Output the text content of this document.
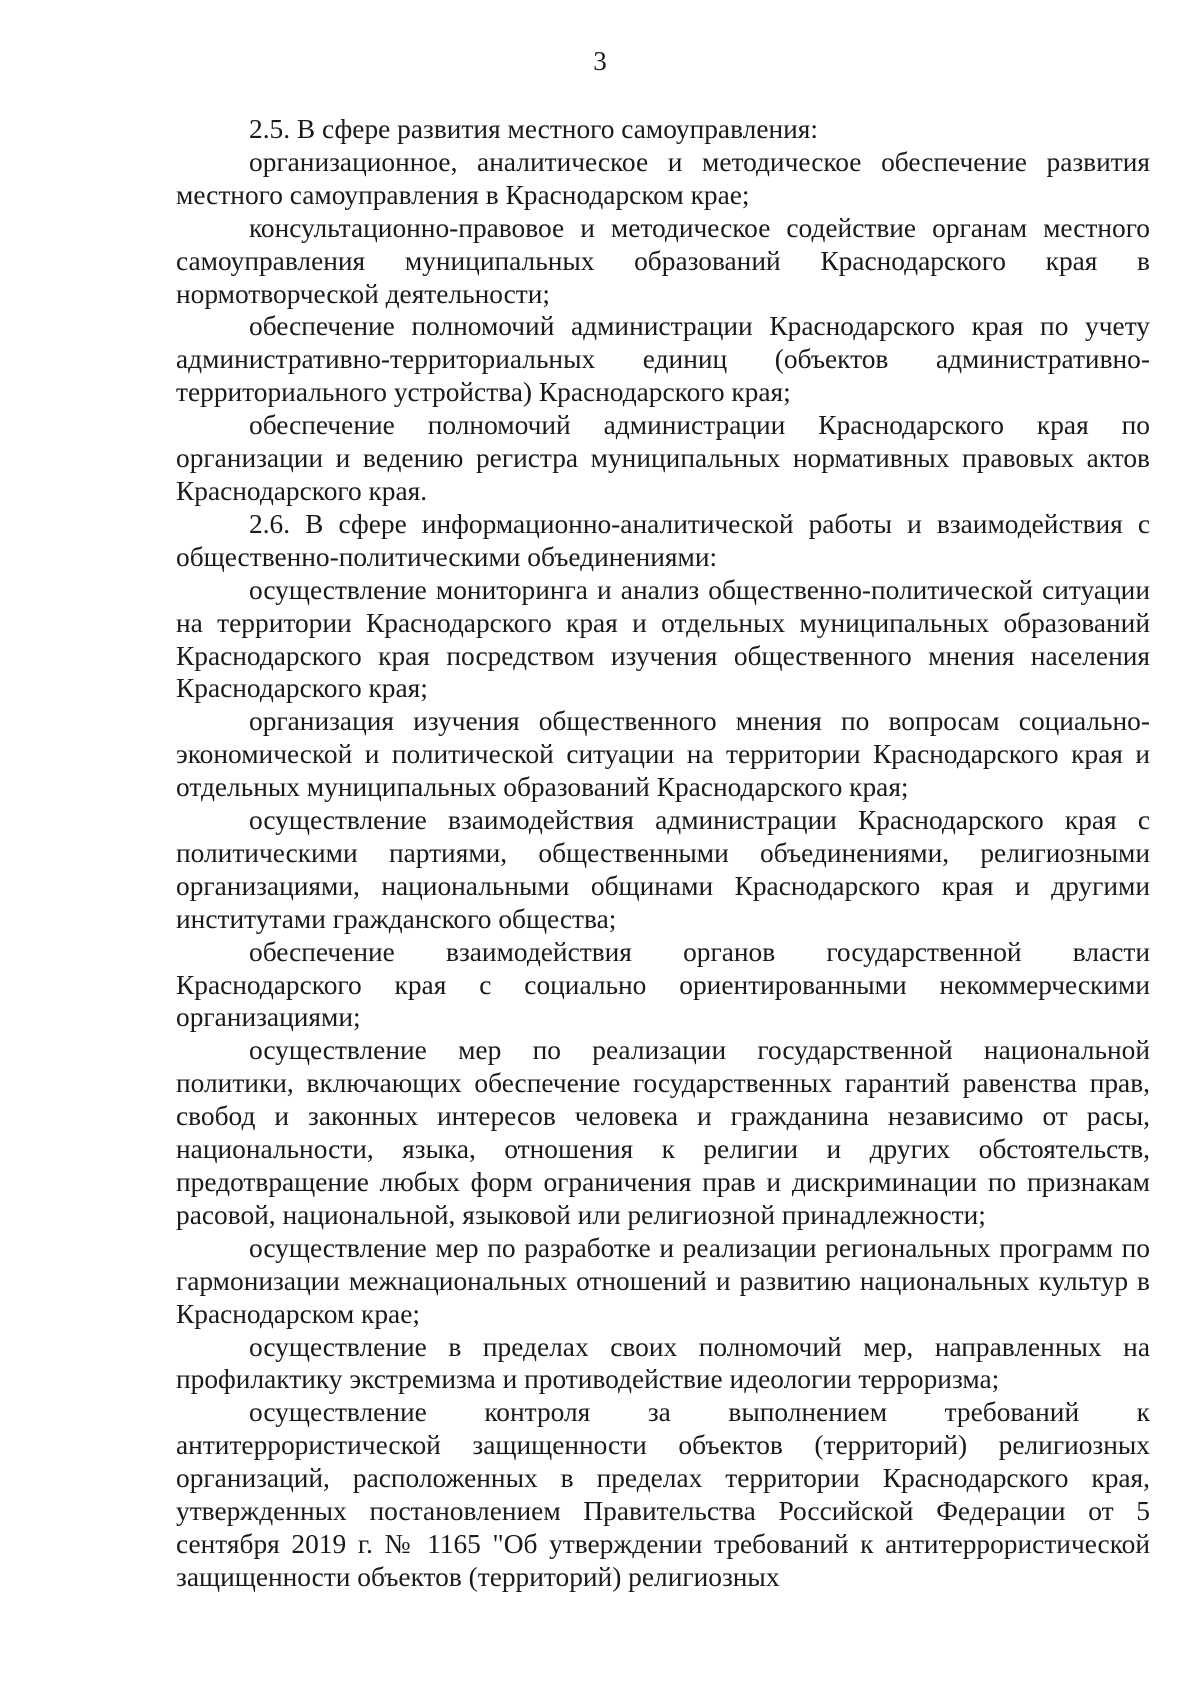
3

2.5. В сфере развития местного самоуправления:

организационное, аналитическое и методическое обеспечение развития местного самоуправления в Краснодарском крае;

консультационно-правовое и методическое содействие органам местного самоуправления муниципальных образований Краснодарского края в нормотворческой деятельности;

обеспечение полномочий администрации Краснодарского края по учету административно-территориальных единиц (объектов административно-территориального устройства) Краснодарского края;

обеспечение полномочий администрации Краснодарского края по организации и ведению регистра муниципальных нормативных правовых актов Краснодарского края.

2.6. В сфере информационно-аналитической работы и взаимодействия с общественно-политическими объединениями:

осуществление мониторинга и анализ общественно-политической ситуации на территории Краснодарского края и отдельных муниципальных образований Краснодарского края посредством изучения общественного мнения населения Краснодарского края;

организация изучения общественного мнения по вопросам социально-экономической и политической ситуации на территории Краснодарского края и отдельных муниципальных образований Краснодарского края;

осуществление взаимодействия администрации Краснодарского края с политическими партиями, общественными объединениями, религиозными организациями, национальными общинами Краснодарского края и другими институтами гражданского общества;

обеспечение взаимодействия органов государственной власти Краснодарского края с социально ориентированными некоммерческими организациями;

осуществление мер по реализации государственной национальной политики, включающих обеспечение государственных гарантий равенства прав, свобод и законных интересов человека и гражданина независимо от расы, национальности, языка, отношения к религии и других обстоятельств, предотвращение любых форм ограничения прав и дискриминации по признакам расовой, национальной, языковой или религиозной принадлежности;

осуществление мер по разработке и реализации региональных программ по гармонизации межнациональных отношений и развитию национальных культур в Краснодарском крае;

осуществление в пределах своих полномочий мер, направленных на профилактику экстремизма и противодействие идеологии терроризма;

осуществление контроля за выполнением требований к антитеррористической защищенности объектов (территорий) религиозных организаций, расположенных в пределах территории Краснодарского края, утвержденных постановлением Правительства Российской Федерации от 5 сентября 2019 г. № 1165 "Об утверждении требований к антитеррористической защищенности объектов (территорий) религиозных
